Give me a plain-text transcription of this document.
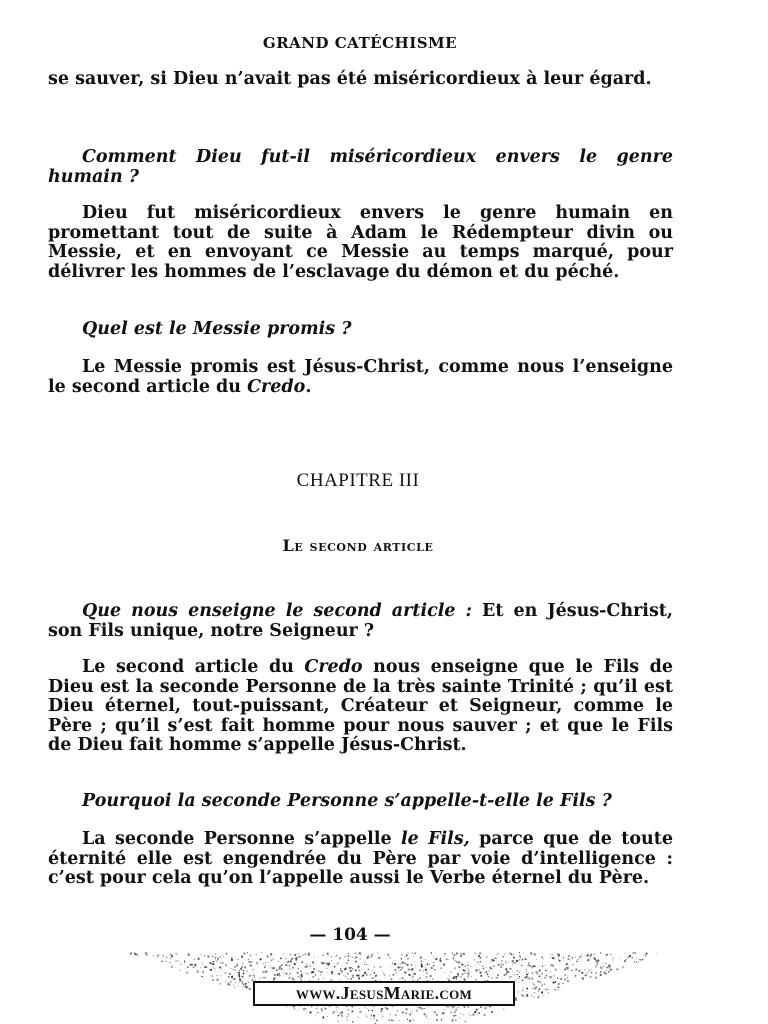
GRAND CATÉCHISME

se sauver, si Dieu n’avait pas été miséricordieux à leur égard.

Comment Dieu fut-il miséricordieux envers le genre humain ?

Dieu fut miséricordieux envers le genre humain en promettant tout de suite à Adam le Rédempteur divin ou Messie, et en envoyant ce Messie au temps marqué, pour délivrer les hommes de l’esclavage du démon et du péché.

Quel est le Messie promis ?

Le Messie promis est Jésus-Christ, comme nous l’enseigne le second article du Credo.

CHAPITRE III
Le second article

Que nous enseigne le second article : Et en Jésus-Christ, son Fils unique, notre Seigneur ?

Le second article du Credo nous enseigne que le Fils de Dieu est la seconde Personne de la très sainte Trinité ; qu’il est Dieu éternel, tout-puissant, Créateur et Seigneur, comme le Père ; qu’il s’est fait homme pour nous sauver ; et que le Fils de Dieu fait homme s’appelle Jésus-Christ.

Pourquoi la seconde Personne s’appelle-t-elle le Fils ?

La seconde Personne s’appelle le Fils, parce que de toute éternité elle est engendrée du Père par voie d’intelligence : c’est pour cela qu’on l’appelle aussi le Verbe éternel du Père.

— 104 —
www.JesusMarie.com
